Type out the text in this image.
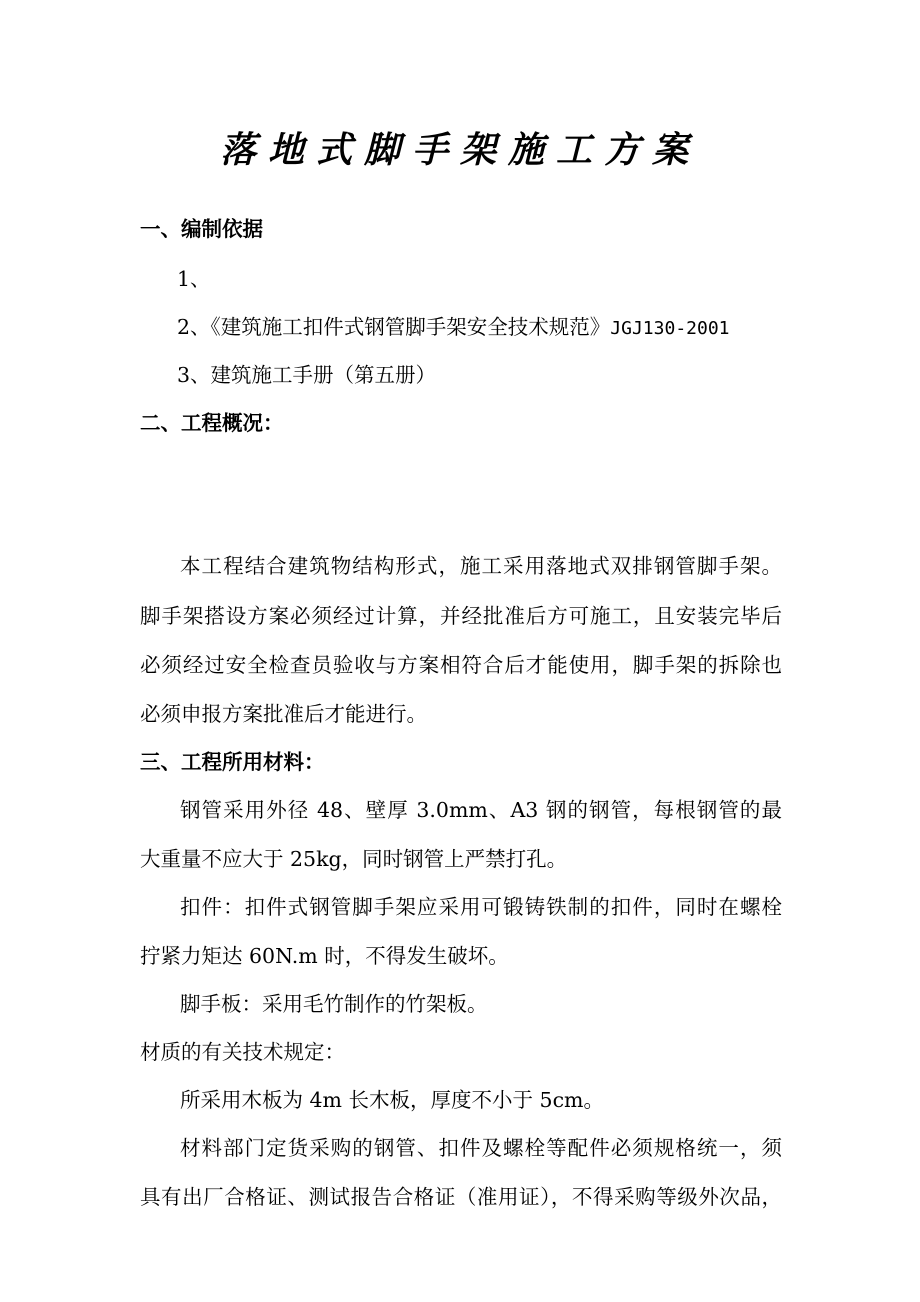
落地式脚手架施工方案
一、编制依据
1、
2、《建筑施工扣件式钢管脚手架安全技术规范》JGJ130-2001
3、建筑施工手册（第五册）
二、工程概况：
本工程结合建筑物结构形式，施工采用落地式双排钢管脚手架。
脚手架搭设方案必须经过计算，并经批准后方可施工，且安装完毕后
必须经过安全检查员验收与方案相符合后才能使用，脚手架的拆除也
必须申报方案批准后才能进行。
三、工程所用材料：
钢管采用外径 48、壁厚 3.0mm、A3 钢的钢管，每根钢管的最
大重量不应大于 25kg，同时钢管上严禁打孔。
扣件：扣件式钢管脚手架应采用可锻铸铁制的扣件，同时在螺栓
拧紧力矩达 60N.m 时，不得发生破坏。
脚手板：采用毛竹制作的竹架板。
材质的有关技术规定：
所采用木板为 4m 长木板，厚度不小于 5cm。
材料部门定货采购的钢管、扣件及螺栓等配件必须规格统一，须
具有出厂合格证、测试报告合格证（准用证），不得采购等级外次品，
